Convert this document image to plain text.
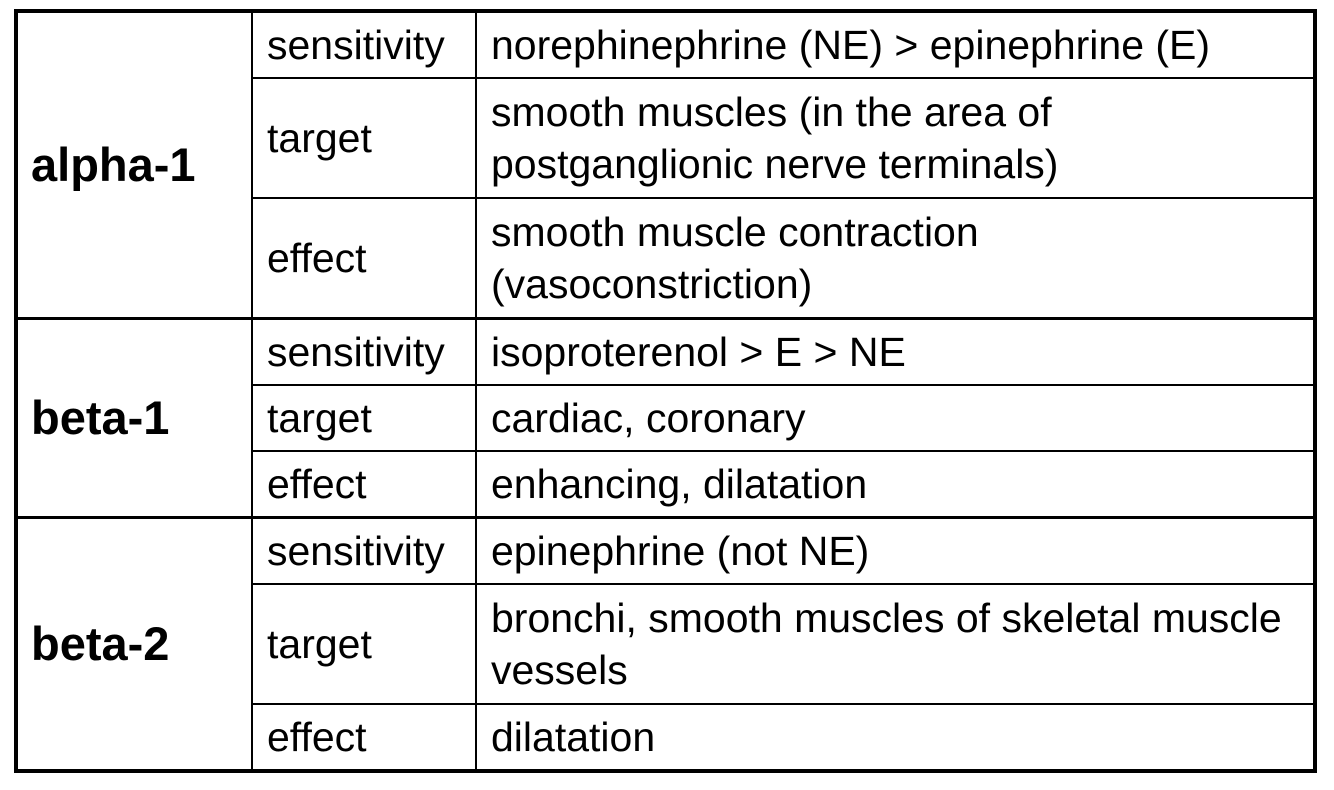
alpha-1	sensitivity	norephinephrine (NE) > epinephrine (E)
	target	smooth muscles (in the area of postganglionic nerve terminals)
	effect	smooth muscle contraction (vasoconstriction)
beta-1	sensitivity	isoproterenol > E > NE
	target	cardiac, coronary
	effect	enhancing, dilatation
beta-2	sensitivity	epinephrine (not NE)
	target	bronchi, smooth muscles of skeletal muscle vessels
	effect	dilatation
